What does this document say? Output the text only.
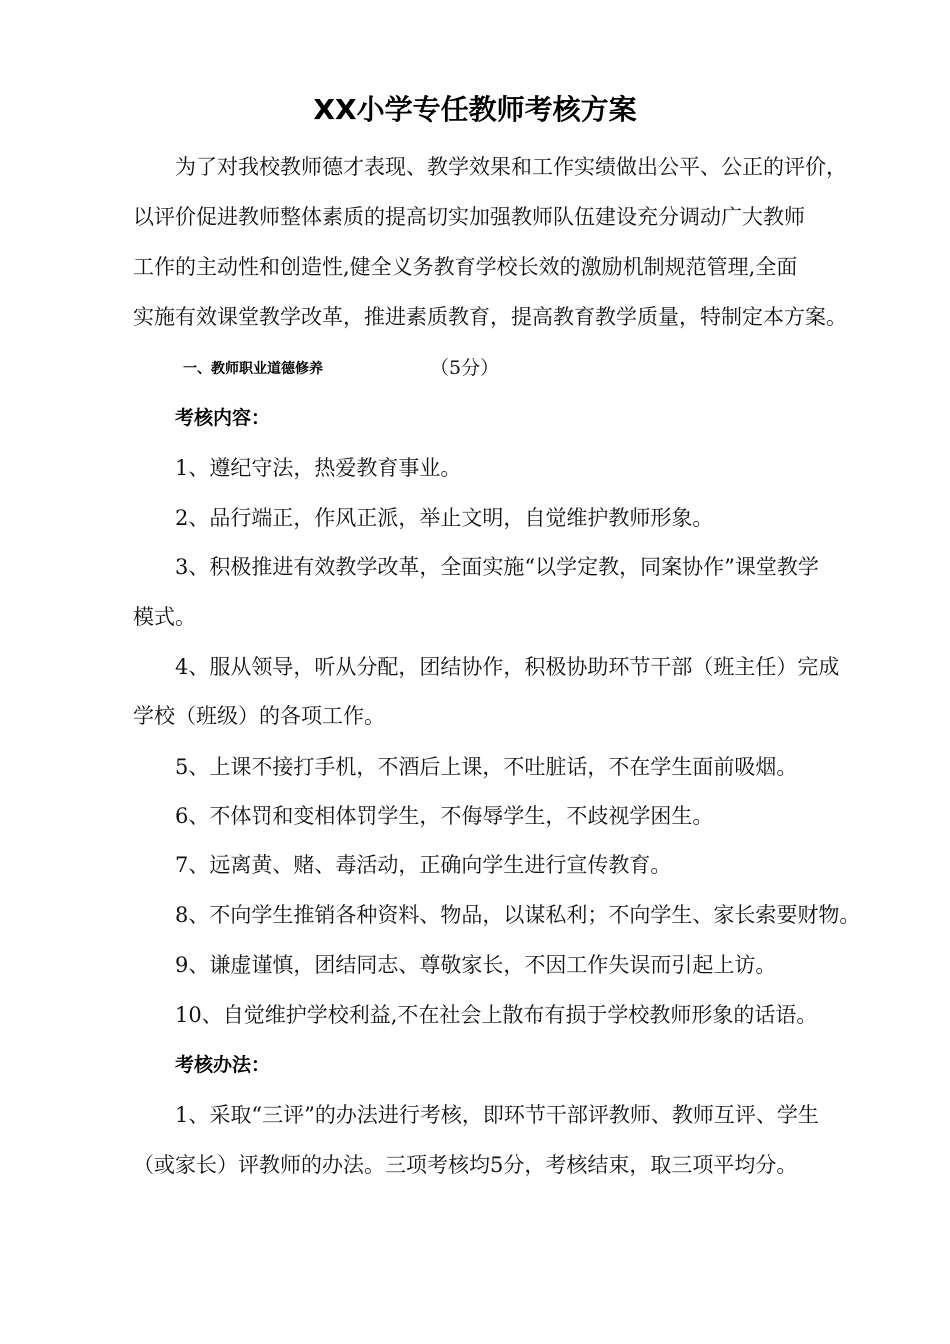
XX小学专任教师考核方案
为了对我校教师德才表现、教学效果和工作实绩做出公平、公正的评价，
以评价促进教师整体素质的提高切实加强教师队伍建设充分调动广大教师
工作的主动性和创造性,健全义务教育学校长效的激励机制规范管理,全面
实施有效课堂教学改革，推进素质教育，提高教育教学质量，特制定本方案。
一、教师职业道德修养	（5分）
考核内容：
1、遵纪守法，热爱教育事业。
2、品行端正，作风正派，举止文明，自觉维护教师形象。
3、积极推进有效教学改革，全面实施“以学定教，同案协作”课堂教学
模式。
4、服从领导，听从分配，团结协作，积极协助环节干部（班主任）完成
学校（班级）的各项工作。
5、上课不接打手机，不酒后上课，不吐脏话，不在学生面前吸烟。
6、不体罚和变相体罚学生，不侮辱学生，不歧视学困生。
7、远离黄、赌、毒活动，正确向学生进行宣传教育。
8、不向学生推销各种资料、物品，以谋私利；不向学生、家长索要财物。
9、谦虚谨慎，团结同志、尊敬家长，不因工作失误而引起上访。
10、自觉维护学校利益,不在社会上散布有损于学校教师形象的话语。
考核办法：
1、采取“三评”的办法进行考核，即环节干部评教师、教师互评、学生
（或家长）评教师的办法。三项考核均5分，考核结束，取三项平均分。
